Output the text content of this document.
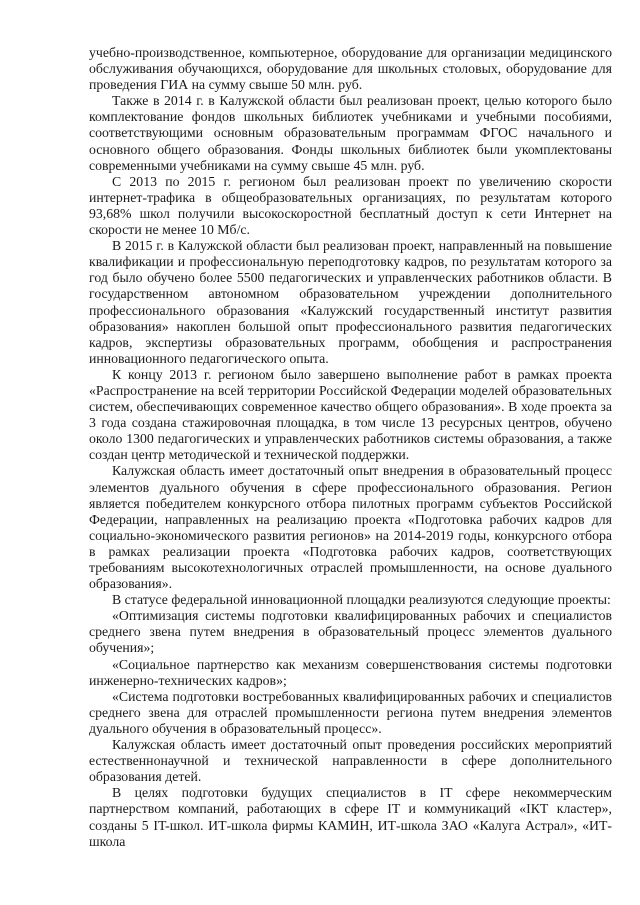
учебно-производственное, компьютерное, оборудование для организации медицинского обслуживания обучающихся, оборудование для школьных столовых, оборудование для проведения ГИА на сумму свыше 50 млн. руб.

Также в 2014 г. в Калужской области был реализован проект, целью которого было комплектование фондов школьных библиотек учебниками и учебными пособиями, соответствующими основным образовательным программам ФГОС начального и основного общего образования. Фонды школьных библиотек были укомплектованы современными учебниками на сумму свыше 45 млн. руб.

С 2013 по 2015 г. регионом был реализован проект по увеличению скорости интернет-трафика в общеобразовательных организациях, по результатам которого 93,68% школ получили высокоскоростной бесплатный доступ к сети Интернет на скорости не менее 10 Мб/с.

В 2015 г. в Калужской области был реализован проект, направленный на повышение квалификации и профессиональную переподготовку кадров, по результатам которого за год было обучено более 5500 педагогических и управленческих работников области. В государственном автономном образовательном учреждении дополнительного профессионального образования «Калужский государственный институт развития образования» накоплен большой опыт профессионального развития педагогических кадров, экспертизы образовательных программ, обобщения и распространения инновационного педагогического опыта.

К концу 2013 г. регионом было завершено выполнение работ в рамках проекта «Распространение на всей территории Российской Федерации моделей образовательных систем, обеспечивающих современное качество общего образования». В ходе проекта за 3 года создана стажировочная площадка, в том числе 13 ресурсных центров, обучено около 1300 педагогических и управленческих работников системы образования, а также создан центр методической и технической поддержки.

Калужская область имеет достаточный опыт внедрения в образовательный процесс элементов дуального обучения в сфере профессионального образования. Регион является победителем конкурсного отбора пилотных программ субъектов Российской Федерации, направленных на реализацию проекта «Подготовка рабочих кадров для социально-экономического развития регионов» на 2014-2019 годы, конкурсного отбора в рамках реализации проекта «Подготовка рабочих кадров, соответствующих требованиям высокотехнологичных отраслей промышленности, на основе дуального образования».

В статусе федеральной инновационной площадки реализуются следующие проекты:

«Оптимизация системы подготовки квалифицированных рабочих и специалистов среднего звена путем внедрения в образовательный процесс элементов дуального обучения»;

«Социальное партнерство как механизм совершенствования системы подготовки инженерно-технических кадров»;

«Система подготовки востребованных квалифицированных рабочих и специалистов среднего звена для отраслей промышленности региона путем внедрения элементов дуального обучения в образовательный процесс».

Калужская область имеет достаточный опыт проведения российских мероприятий естественнонаучной и технической направленности в сфере дополнительного образования детей.

В целях подготовки будущих специалистов в IT сфере некоммерческим партнерством компаний, работающих в сфере IT и коммуникаций «IКТ кластер», созданы 5 IT-школ. ИТ-школа фирмы КАМИН, ИТ-школа ЗАО «Калуга Астрал», «ИТ-школа
